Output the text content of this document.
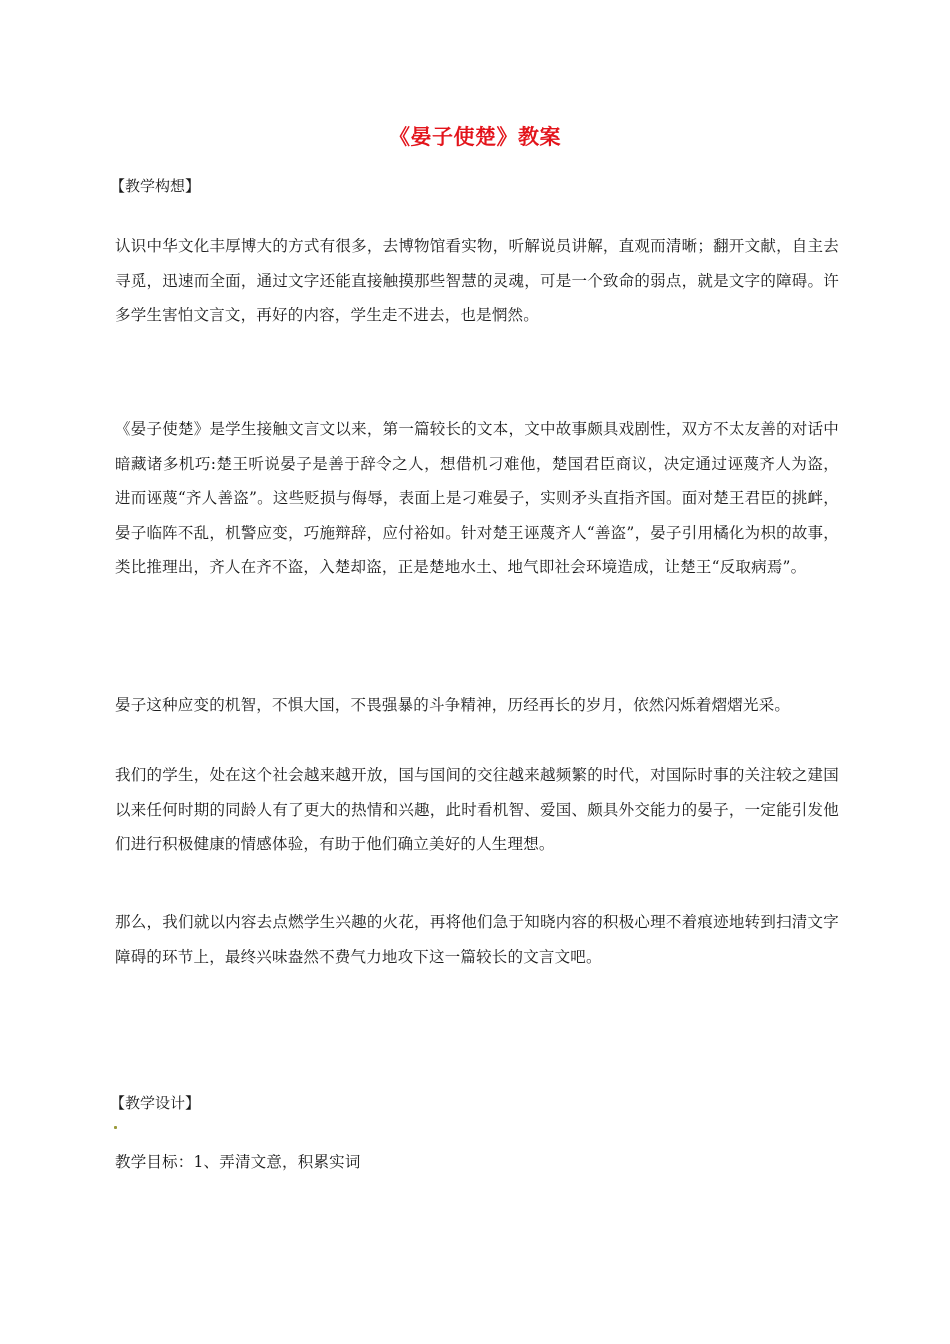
《晏子使楚》教案
【教学构想】
认识中华文化丰厚博大的方式有很多，去博物馆看实物，听解说员讲解，直观而清晰；翻开文献，自主去寻觅，迅速而全面，通过文字还能直接触摸那些智慧的灵魂，可是一个致命的弱点，就是文字的障碍。许多学生害怕文言文，再好的内容，学生走不进去，也是惘然。
《晏子使楚》是学生接触文言文以来，第一篇较长的文本，文中故事颇具戏剧性，双方不太友善的对话中暗藏诸多机巧:楚王听说晏子是善于辞令之人，想借机刁难他，楚国君臣商议，决定通过诬蔑齐人为盗，进而诬蔑“齐人善盗”。这些贬损与侮辱，表面上是刁难晏子，实则矛头直指齐国。面对楚王君臣的挑衅，晏子临阵不乱，机警应变，巧施辩辞，应付裕如。针对楚王诬蔑齐人“善盗”，晏子引用橘化为枳的故事，类比推理出，齐人在齐不盗，入楚却盗，正是楚地水土、地气即社会环境造成，让楚王“反取病焉”。
晏子这种应变的机智，不惧大国，不畏强暴的斗争精神，历经再长的岁月，依然闪烁着熠熠光采。
我们的学生，处在这个社会越来越开放，国与国间的交往越来越频繁的时代，对国际时事的关注较之建国以来任何时期的同龄人有了更大的热情和兴趣，此时看机智、爱国、颇具外交能力的晏子，一定能引发他们进行积极健康的情感体验，有助于他们确立美好的人生理想。
那么，我们就以内容去点燃学生兴趣的火花，再将他们急于知晓内容的积极心理不着痕迹地转到扫清文字障碍的环节上，最终兴味盎然不费气力地攻下这一篇较长的文言文吧。
【教学设计】
教学目标：1、弄清文意，积累实词
